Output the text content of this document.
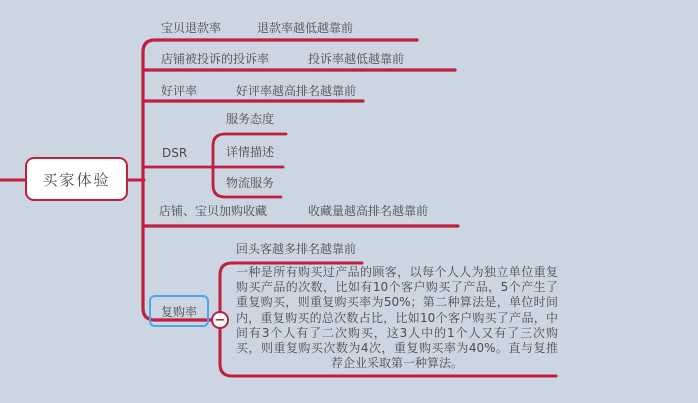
宝贝退款率	退款率越低越靠前
店铺被投诉的投诉率	投诉率越低越靠前
好评率	好评率越高排名越靠前
服务态度
DSR	详情描述
物流服务
店铺、宝贝加购收藏	收藏量越高排名越靠前
回头客越多排名越靠前
买家体验
复购率
−
一种是所有购买过产品的顾客，以每个人人为独立单位重复购买产品的次数，比如有10个客户购买了产品，5个产生了重复购买，则重复购买率为50%；第二种算法是，单位时间内，重复购买的总次数占比，比如10个客户购买了产品，中间有3个人有了二次购买，这3人中的1个人又有了三次购买，则重复购买次数为4次，重复购买率为40%。直与复推荐企业采取第一种算法。
